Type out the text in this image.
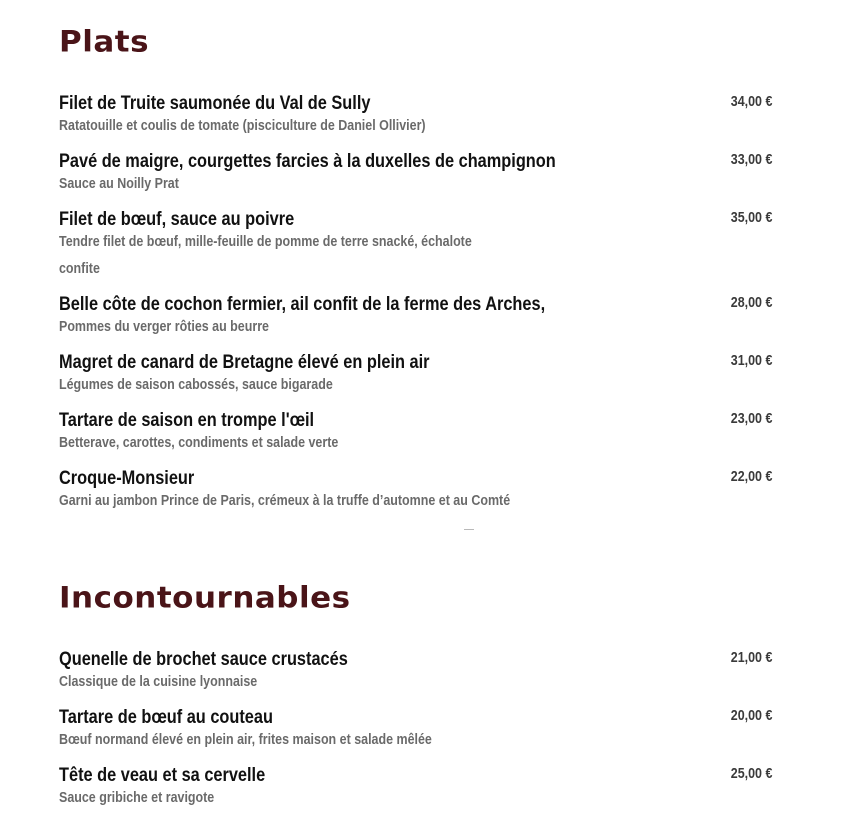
Plats
Filet de Truite saumonée du Val de Sully
Ratatouille et coulis de tomate (pisciculture de Daniel Ollivier)
34,00 €
Pavé de maigre, courgettes farcies à la duxelles de champignon
Sauce au Noilly Prat
33,00 €
Filet de bœuf, sauce au poivre
Tendre filet de bœuf, mille-feuille de pomme de terre snacké, échalote confite
35,00 €
Belle côte de cochon fermier, ail confit de la ferme des Arches,
Pommes du verger rôties au beurre
28,00 €
Magret de canard de Bretagne élevé en plein air
Légumes de saison cabossés, sauce bigarade
31,00 €
Tartare de saison en trompe l'œil
Betterave, carottes, condiments et salade verte
23,00 €
Croque-Monsieur
Garni au jambon Prince de Paris, crémeux à la truffe d’automne et au Comté
22,00 €
Incontournables
Quenelle de brochet sauce crustacés
Classique de la cuisine lyonnaise
21,00 €
Tartare de bœuf au couteau
Bœuf normand élevé en plein air, frites maison et salade mêlée
20,00 €
Tête de veau et sa cervelle
Sauce gribiche et ravigote
25,00 €
